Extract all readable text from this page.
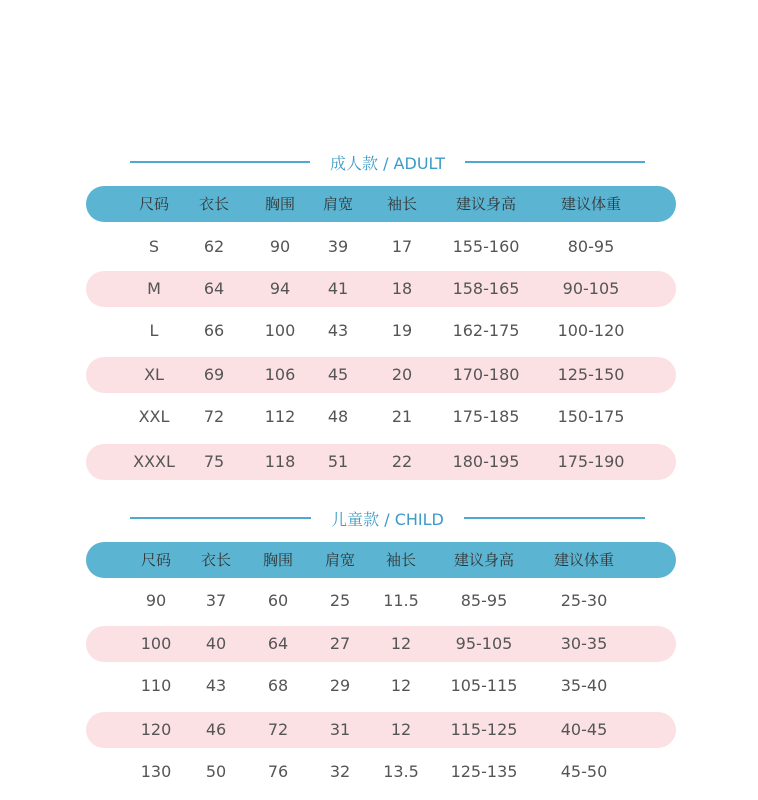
成人款 / ADULT
尺码 衣长 胸围 肩宽 袖长	建议身高	建议体重
S	62	90 39	17	155-160	80-95
M	64	94 41	18	158-165	90-105
L	66	100 43	19	162-175 100-120
XL 69	106 45	20	170-180 125-150
XXL 72	112 48	21	175-185 150-175
XXXL 75	118 51	22	180-195 175-190
儿童款 / CHILD
尺码 衣长 胸围 肩宽 袖长	建议身高	建议体重
90 37	60	25 11.5	85-95	25-30
100 40	64	27	12	95-105	30-35
110 43	68	29	12 105-115	35-40
120 46	72	31	12 115-125	40-45
130 50	76	32 13.5 125-135	45-50
